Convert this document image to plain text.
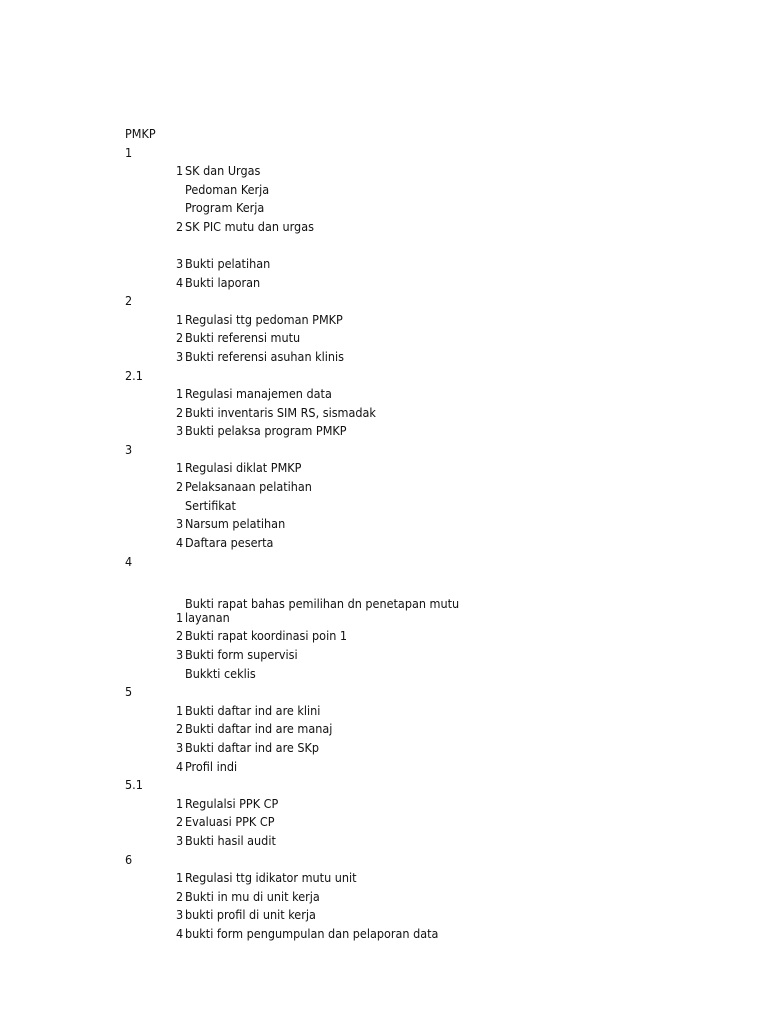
PMKP
1
1 SK dan Urgas
Pedoman Kerja
Program Kerja
2 SK PIC mutu dan urgas
3 Bukti pelatihan
4 Bukti laporan
2
1 Regulasi ttg pedoman PMKP
2 Bukti referensi mutu
3 Bukti referensi asuhan klinis
2.1
1 Regulasi manajemen data
2 Bukti inventaris SIM RS, sismadak
3 Bukti pelaksa program PMKP
3
1 Regulasi diklat PMKP
2 Pelaksanaan pelatihan
Sertifikat
3 Narsum pelatihan
4 Daftara peserta
4
Bukti rapat bahas pemilihan dn penetapan mutu
1 layanan
2 Bukti rapat koordinasi poin 1
3 Bukti form supervisi
Bukkti ceklis
5
1 Bukti daftar ind are klini
2 Bukti daftar ind are manaj
3 Bukti daftar ind are SKp
4 Profil indi
5.1
1 Regulalsi PPK CP
2 Evaluasi PPK CP
3 Bukti hasil audit
6
1 Regulasi ttg idikator mutu unit
2 Bukti in mu di unit kerja
3 bukti profil di unit kerja
4 bukti form pengumpulan dan pelaporan data
